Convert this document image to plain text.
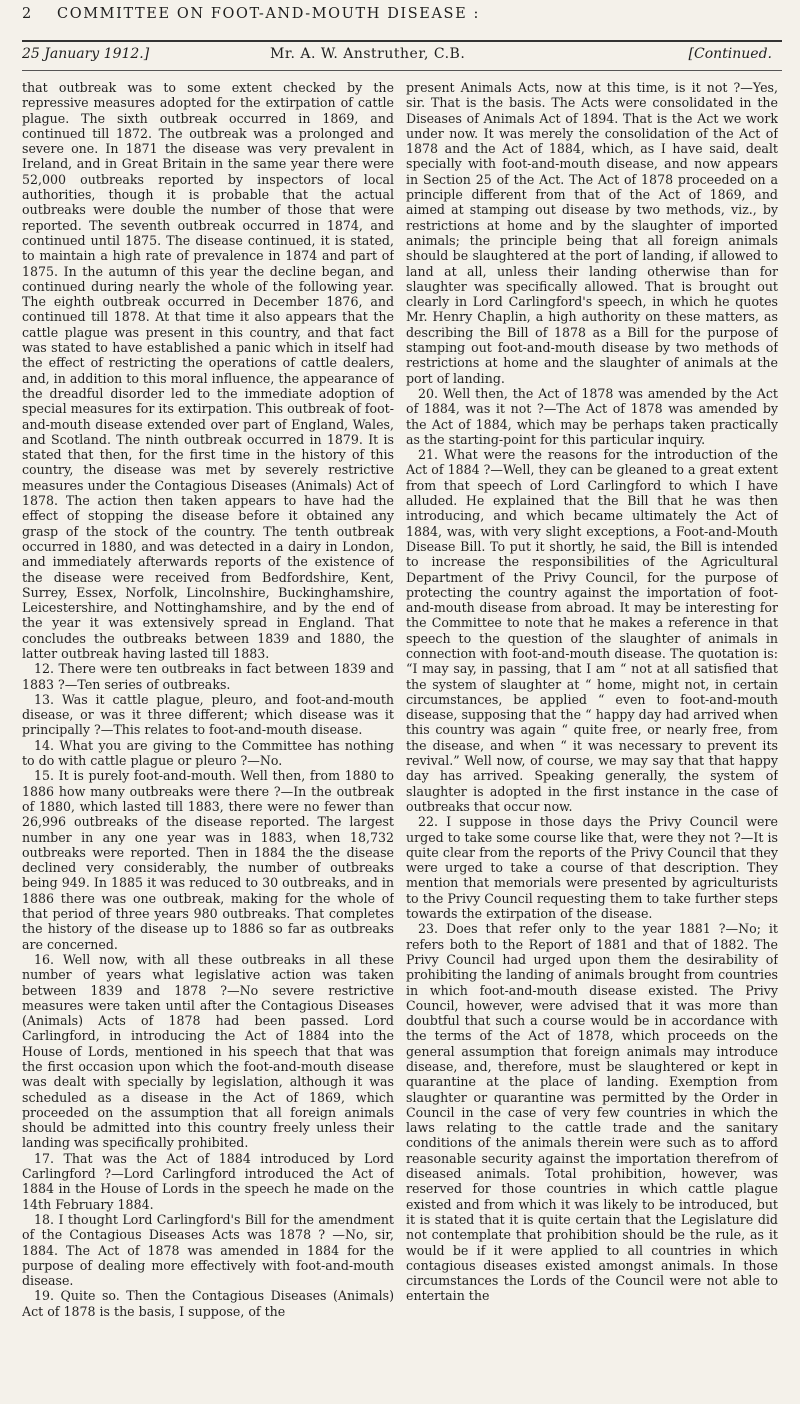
2 COMMITTEE ON FOOT-AND-MOUTH DISEASE :
25 January 1912.]	Mr. A. W. Anstruther, C.B.	[Continued.

that outbreak was to some extent checked by the repressive measures adopted for the extirpation of cattle plague. The sixth outbreak occurred in 1869, and continued till 1872. The outbreak was a prolonged and severe one. In 1871 the disease was very prevalent in Ireland, and in Great Britain in the same year there were 52,000 outbreaks reported by inspectors of local authorities, though it is probable that the actual outbreaks were double the number of those that were reported. The seventh outbreak occurred in 1874, and continued until 1875. The disease continued, it is stated, to maintain a high rate of prevalence in 1874 and part of 1875. In the autumn of this year the decline began, and continued during nearly the whole of the following year. The eighth outbreak occurred in December 1876, and continued till 1878. At that time it also appears that the cattle plague was present in this country, and that fact was stated to have established a panic which in itself had the effect of restricting the operations of cattle dealers, and, in addition to this moral influence, the appearance of the dreadful disorder led to the immediate adoption of special measures for its extirpation. This outbreak of foot-and-mouth disease extended over part of England, Wales, and Scotland. The ninth outbreak occurred in 1879. It is stated that then, for the first time in the history of this country, the disease was met by severely restrictive measures under the Contagious Diseases (Animals) Act of 1878. The action then taken appears to have had the effect of stopping the disease before it obtained any grasp of the stock of the country. The tenth outbreak occurred in 1880, and was detected in a dairy in London, and immediately afterwards reports of the existence of the disease were received from Bedfordshire, Kent, Surrey, Essex, Norfolk, Lincolnshire, Buckinghamshire, Leicestershire, and Nottinghamshire, and by the end of the year it was extensively spread in England. That concludes the outbreaks between 1839 and 1880, the latter outbreak having lasted till 1883.

12. There were ten outbreaks in fact between 1839 and 1883 ?—Ten series of outbreaks.

13. Was it cattle plague, pleuro, and foot-and-mouth disease, or was it three different; which disease was it principally ?—This relates to foot-and-mouth disease.

14. What you are giving to the Committee has nothing to do with cattle plague or pleuro ?—No.

15. It is purely foot-and-mouth. Well then, from 1880 to 1886 how many outbreaks were there ?—In the outbreak of 1880, which lasted till 1883, there were no fewer than 26,996 outbreaks of the disease reported. The largest number in any one year was in 1883, when 18,732 outbreaks were reported. Then in 1884 the the disease declined very considerably, the number of outbreaks being 949. In 1885 it was reduced to 30 outbreaks, and in 1886 there was one outbreak, making for the whole of that period of three years 980 outbreaks. That completes the history of the disease up to 1886 so far as outbreaks are concerned.

16. Well now, with all these outbreaks in all these number of years what legislative action was taken between 1839 and 1878 ?—No severe restrictive measures were taken until after the Contagious Diseases (Animals) Acts of 1878 had been passed. Lord Carlingford, in introducing the Act of 1884 into the House of Lords, mentioned in his speech that that was the first occasion upon which the foot-and-mouth disease was dealt with specially by legislation, although it was scheduled as a disease in the Act of 1869, which proceeded on the assumption that all foreign animals should be admitted into this country freely unless their landing was specifically prohibited.

17. That was the Act of 1884 introduced by Lord Carlingford ?—Lord Carlingford introduced the Act of 1884 in the House of Lords in the speech he made on the 14th February 1884.

18. I thought Lord Carlingford's Bill for the amendment of the Contagious Diseases Acts was 1878 ? —No, sir, 1884. The Act of 1878 was amended in 1884 for the purpose of dealing more effectively with foot-and-mouth disease.

19. Quite so. Then the Contagious Diseases (Animals) Act of 1878 is the basis, I suppose, of the

present Animals Acts, now at this time, is it not ?—Yes, sir. That is the basis. The Acts were consolidated in the Diseases of Animals Act of 1894. That is the Act we work under now. It was merely the consolidation of the Act of 1878 and the Act of 1884, which, as I have said, dealt specially with foot-and-mouth disease, and now appears in Section 25 of the Act. The Act of 1878 proceeded on a principle different from that of the Act of 1869, and aimed at stamping out disease by two methods, viz., by restrictions at home and by the slaughter of imported animals; the principle being that all foreign animals should be slaughtered at the port of landing, if allowed to land at all, unless their landing otherwise than for slaughter was specifically allowed. That is brought out clearly in Lord Carlingford's speech, in which he quotes Mr. Henry Chaplin, a high authority on these matters, as describing the Bill of 1878 as a Bill for the purpose of stamping out foot-and-mouth disease by two methods of restrictions at home and the slaughter of animals at the port of landing.

20. Well then, the Act of 1878 was amended by the Act of 1884, was it not ?—The Act of 1878 was amended by the Act of 1884, which may be perhaps taken practically as the starting-point for this particular inquiry.

21. What were the reasons for the introduction of the Act of 1884 ?—Well, they can be gleaned to a great extent from that speech of Lord Carlingford to which I have alluded. He explained that the Bill that he was then introducing, and which became ultimately the Act of 1884, was, with very slight exceptions, a Foot-and-Mouth Disease Bill. To put it shortly, he said, the Bill is intended to increase the responsibilities of the Agricultural Department of the Privy Council, for the purpose of protecting the country against the importation of foot-and-mouth disease from abroad. It may be interesting for the Committee to note that he makes a reference in that speech to the question of the slaughter of animals in connection with foot-and-mouth disease. The quotation is: “I may say, in passing, that I am “ not at all satisfied that the system of slaughter at “ home, might not, in certain circumstances, be applied “ even to foot-and-mouth disease, supposing that the “ happy day had arrived when this country was again “ quite free, or nearly free, from the disease, and when “ it was necessary to prevent its revival.” Well now, of course, we may say that that happy day has arrived. Speaking generally, the system of slaughter is adopted in the first instance in the case of outbreaks that occur now.

22. I suppose in those days the Privy Council were urged to take some course like that, were they not ?—It is quite clear from the reports of the Privy Council that they were urged to take a course of that description. They mention that memorials were presented by agriculturists to the Privy Council requesting them to take further steps towards the extirpation of the disease.

23. Does that refer only to the year 1881 ?—No; it refers both to the Report of 1881 and that of 1882. The Privy Council had urged upon them the desirability of prohibiting the landing of animals brought from countries in which foot-and-mouth disease existed. The Privy Council, however, were advised that it was more than doubtful that such a course would be in accordance with the terms of the Act of 1878, which proceeds on the general assumption that foreign animals may introduce disease, and, therefore, must be slaughtered or kept in quarantine at the place of landing. Exemption from slaughter or quarantine was permitted by the Order in Council in the case of very few countries in which the laws relating to the cattle trade and the sanitary conditions of the animals therein were such as to afford reasonable security against the importation therefrom of diseased animals. Total prohibition, however, was reserved for those countries in which cattle plague existed and from which it was likely to be introduced, but it is stated that it is quite certain that the Legislature did not contemplate that prohibition should be the rule, as it would be if it were applied to all countries in which contagious diseases existed amongst animals. In those circumstances the Lords of the Council were not able to entertain the
